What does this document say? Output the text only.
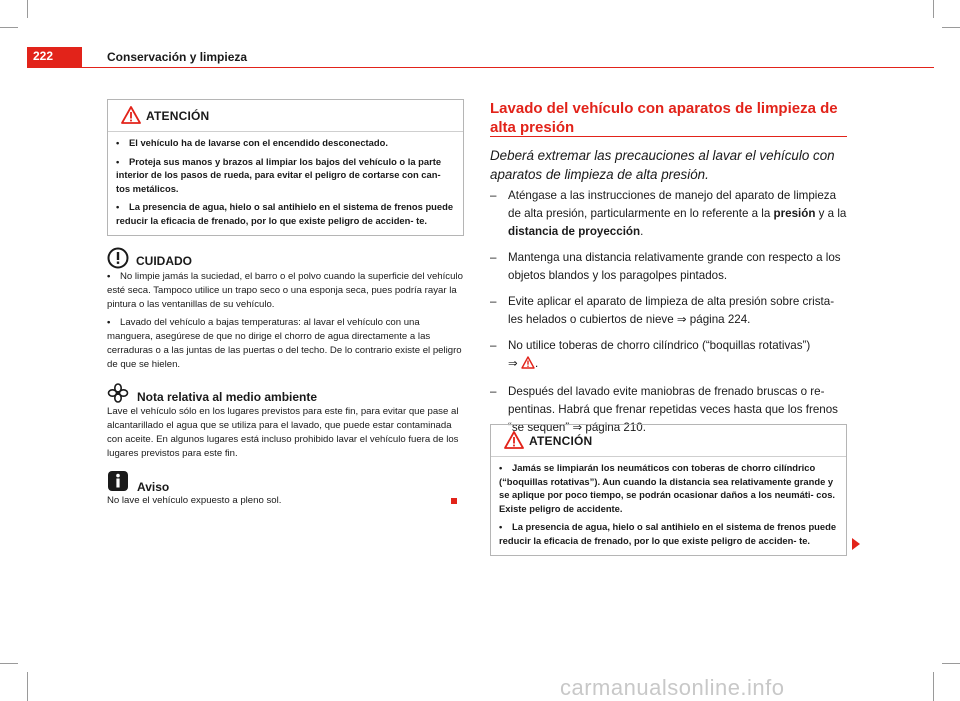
222	Conservación y limpieza
ATENCIÓN
• El vehículo ha de lavarse con el encendido desconectado.
• Proteja sus manos y brazos al limpiar los bajos del vehículo o la parte interior de los pasos de rueda, para evitar el peligro de cortarse con can- tos metálicos.
• La presencia de agua, hielo o sal antihielo en el sistema de frenos puede reducir la eficacia de frenado, por lo que existe peligro de acciden- te.
CUIDADO

• No limpie jamás la suciedad, el barro o el polvo cuando la superficie del vehículo esté seca. Tampoco utilice un trapo seco o una esponja seca, pues podría rayar la pintura o las ventanillas de su vehículo.

• Lavado del vehículo a bajas temperaturas: al lavar el vehículo con una manguera, asegúrese de que no dirige el chorro de agua directamente a las cerraduras o a las juntas de las puertas o del techo. De lo contrario existe el peligro de que se hielen.

Nota relativa al medio ambiente
Lave el vehículo sólo en los lugares previstos para este fin, para evitar que pase al alcantarillado el agua que se utiliza para el lavado, que puede estar contaminada con aceite. En algunos lugares está incluso prohibido lavar el vehículo fuera de los lugares previstos para este fin.
Aviso
No lave el vehículo expuesto a pleno sol.
Lavado del vehículo con aparatos de limpieza de alta presión
Deberá extremar las precauciones al lavar el vehículo con aparatos de limpieza de alta presión.
– Aténgase a las instrucciones de manejo del aparato de limpieza de alta presión, particularmente en lo referente a la presión y a la distancia de proyección.
– Mantenga una distancia relativamente grande con respecto a los objetos blandos y los paragolpes pintados.
– Evite aplicar el aparato de limpieza de alta presión sobre crista- les helados o cubiertos de nieve ⇒ página 224.
– No utilice toberas de chorro cilíndrico (“boquillas rotativas”)
⇒ .
– Después del lavado evite maniobras de frenado bruscas o re- pentinas. Habrá que frenar repetidas veces hasta que los frenos “se sequen” ⇒ página 210.
ATENCIÓN
• Jamás se limpiarán los neumáticos con toberas de chorro cilíndrico (“boquillas rotativas”). Aun cuando la distancia sea relativamente grande y se aplique por poco tiempo, se podrán ocasionar daños a los neumáti- cos. Existe peligro de accidente.
• La presencia de agua, hielo o sal antihielo en el sistema de frenos puede reducir la eficacia de frenado, por lo que existe peligro de acciden- te.
carmanualsonline.info
